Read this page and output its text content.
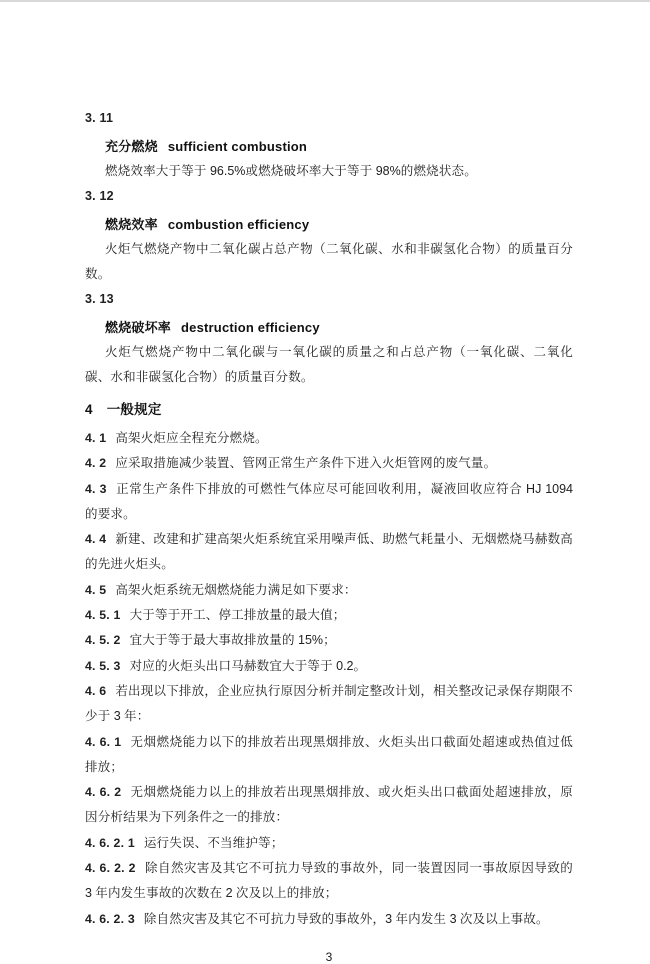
3. 11

充分燃烧 sufficient combustion

燃烧效率大于等于 96.5%或燃烧破坏率大于等于 98%的燃烧状态。

3. 12

燃烧效率 combustion efficiency

火炬气燃烧产物中二氧化碳占总产物（二氧化碳、水和非碳氢化合物）的质量百分数。

3. 13

燃烧破坏率 destruction efficiency

火炬气燃烧产物中二氧化碳与一氧化碳的质量之和占总产物（一氧化碳、二氧化碳、水和非碳氢化合物）的质量百分数。

4 一般规定

4. 1 高架火炬应全程充分燃烧。

4. 2 应采取措施减少装置、管网正常生产条件下进入火炬管网的废气量。

4. 3 正常生产条件下排放的可燃性气体应尽可能回收利用，凝液回收应符合 HJ 1094 的要求。

4. 4 新建、改建和扩建高架火炬系统宜采用噪声低、助燃气耗量小、无烟燃烧马赫数高的先进火炬头。

4. 5 高架火炬系统无烟燃烧能力满足如下要求：

4. 5. 1 大于等于开工、停工排放量的最大值；

4. 5. 2 宜大于等于最大事故排放量的 15%；

4. 5. 3 对应的火炬头出口马赫数宜大于等于 0.2。

4. 6 若出现以下排放，企业应执行原因分析并制定整改计划，相关整改记录保存期限不少于 3 年：

4. 6. 1 无烟燃烧能力以下的排放若出现黑烟排放、火炬头出口截面处超速或热值过低排放；

4. 6. 2 无烟燃烧能力以上的排放若出现黑烟排放、或火炬头出口截面处超速排放，原因分析结果为下列条件之一的排放：

4. 6. 2. 1 运行失误、不当维护等；

4. 6. 2. 2 除自然灾害及其它不可抗力导致的事故外，同一装置因同一事故原因导致的 3 年内发生事故的次数在 2 次及以上的排放；

4. 6. 2. 3 除自然灾害及其它不可抗力导致的事故外，3 年内发生 3 次及以上事故。

3
